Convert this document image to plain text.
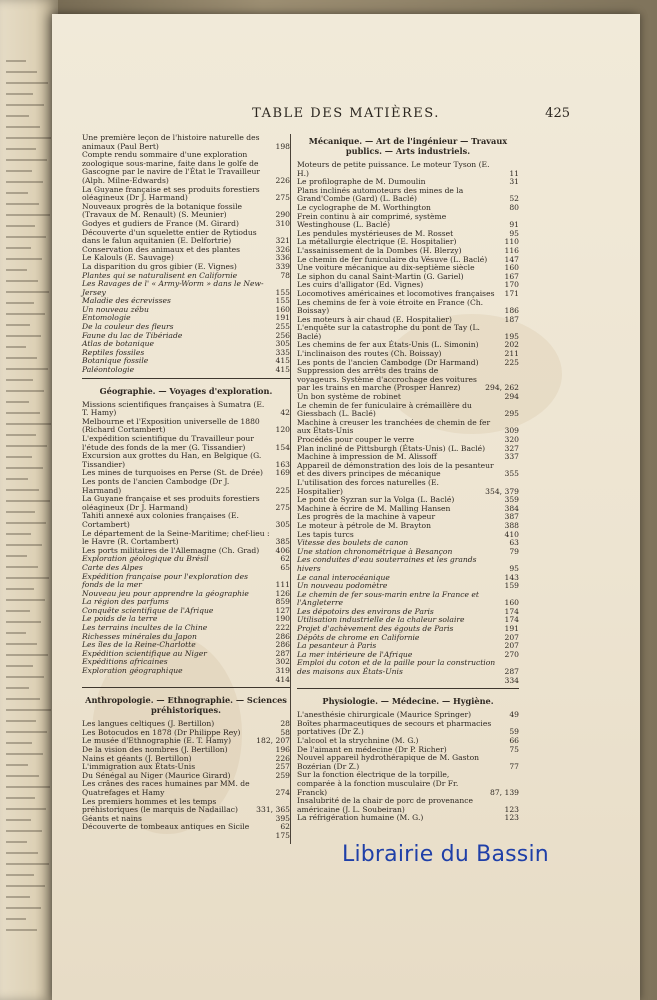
TABLE DES MATIÈRES.	425
Une première leçon de l'histoire naturelle des animaux (Paul Bert)	198
Compte rendu sommaire d'une exploration zoologique sous-marine, faite dans le golfe de Gascogne par le navire de l'État le Travailleur (Alph. Milne-Edwards)	226
La Guyane française et ses produits forestiers oléagineux (Dr J. Harmand)	275
Nouveaux progrès de la botanique fossile (Travaux de M. Renault) (S. Meunier)	290
Godyes et gudiers de France (M. Girard)	310
Découverte d'un squelette entier de Rytiodus dans le falun aquitanien (E. Delfortrie)	321
Conservation des animaux et des plantes	326
Le Kalouls (E. Sauvage)	336
La disparition du gros gibier (E. Vignes)	339
Plantes qui se naturalisent en Californie	78
Les Ravages de l' « Army-Worm » dans le New-Jersey	155
Maladie des écrevisses	155
Un nouveau zébu	160
Entomologie	191
De la couleur des fleurs	255
Faune du lac de Tibériade	256
Atlas de botanique	305
Reptiles fossiles	335
Botanique fossile	415
Paléontologie	415
Géographie. — Voyages d'exploration.
Missions scientifiques françaises à Sumatra (E. T. Hamy)	42
Melbourne et l'Exposition universelle de 1880 (Richard Cortambert)	120
L'expédition scientifique du Travailleur pour l'étude des fonds de la mer (G. Tissandier)	154
Excursion aux grottes du Han, en Belgique (G. Tissandier)	163
Les mines de turquoises en Perse (St. de Drée)	169
Les ponts de l'ancien Cambodge (Dr J. Harmand)	225
La Guyane française et ses produits forestiers oléagineux (Dr J. Harmand)	275
Tahiti annexé aux colonies françaises (E. Cortambert)	305
Le département de la Seine-Maritime; chef-lieu : le Havre (R. Cortambert)	385
Les ports militaires de l'Allemagne (Ch. Grad)	406
Exploration géologique du Brésil	62
Carte des Alpes	65
Expédition française pour l'exploration des fonds de la mer	111
Nouveau jeu pour apprendre la géographie	126
La région des parfums	859
Conquête scientifique de l'Afrique	127
Le poids de la terre	190
Les terrains incultes de la Chine	222
Richesses minérales du Japon	286
Les îles de la Reine-Charlotte	286
Expédition scientifique au Niger	287
Expéditions africaines	302
Exploration géographique	319
414
Anthropologie. — Ethnographie. — Sciences préhistoriques.
Les langues celtiques (J. Bertillon)	28
Les Botocudos en 1878 (Dr Philippe Rey)	58
Le musée d'Ethnographie (E. T. Hamy)	182, 207
De la vision des nombres (J. Bertillon)	196
Nains et géants (J. Bertillon)	226
L'immigration aux États-Unis	257
Du Sénégal au Niger (Maurice Girard)	259
Les crânes des races humaines par MM. de Quatrefages et Hamy	274
Les premiers hommes et les temps préhistoriques (le marquis de Nadaillac)	331, 365
Géants et nains	395
Découverte de tombeaux antiques en Sicile	62
175
Mécanique. — Art de l'ingénieur — Travaux publics. — Arts industriels.
Moteurs de petite puissance. Le moteur Tyson (E. H.)	11
Le profilographe de M. Dumoulin	31
Plans inclinés automoteurs des mines de la Grand'Combe (Gard) (L. Baclé)	52
Le cyclographe de M. Worthington	80
Frein continu à air comprimé, système Westinghouse (L. Baclé)	91
Les pendules mystérieuses de M. Rosset	95
La métallurgie électrique (E. Hospitalier)	110
L'assainissement de la Dombes (H. Blerzy)	116
Le chemin de fer funiculaire du Vésuve (L. Baclé)	147
Une voiture mécanique au dix-septième siècle	160
Le siphon du canal Saint-Martin (G. Gariel)	167
Les cuirs d'alligator (Ed. Vignes)	170
Locomotives américaines et locomotives françaises	171
Les chemins de fer à voie étroite en France (Ch. Boissay)	186
Les moteurs à air chaud (E. Hospitalier)	187
L'enquête sur la catastrophe du pont de Tay (L. Baclé)	195
Les chemins de fer aux États-Unis (L. Simonin)	202
L'inclinaison des routes (Ch. Boissay)	211
Les ponts de l'ancien Cambodge (Dr Harmand)	225
Suppression des arrêts des trains de voyageurs. Système d'accrochage des voitures par les trains en marche (Prosper Hanrez)	294, 262
Un bon système de robinet	294
Le chemin de fer funiculaire à crémaillère du Giessbach (L. Baclé)	295
Machine à creuser les tranchées de chemin de fer aux États-Unis	309
Procédés pour couper le verre	320
Plan incliné de Pittsburgh (États-Unis) (L. Baclé)	327
Machine à impression de M. Alissoff	337
Appareil de démonstration des lois de la pesanteur et des divers principes de mécanique	355
L'utilisation des forces naturelles (E. Hospitalier)	354, 379
Le pont de Syzran sur la Volga (L. Baclé)	359
Machine à écrire de M. Malling Hansen	384
Les progrès de la machine à vapeur	387
Le moteur à pétrole de M. Brayton	388
Les tapis turcs	410
Vitesse des boulets de canon	63
Une station chronométrique à Besançon	79
Les conduites d'eau souterraines et les grands hivers	95
Le canal interocéanique	143
Un nouveau podomètre	159
Le chemin de fer sous-marin entre la France et l'Angleterre	160
Les dépotoirs des environs de Paris	174
Utilisation industrielle de la chaleur solaire	174
Projet d'achèvement des égouts de Paris	191
Dépôts de chrome en Californie	207
La pesanteur à Paris	207
La mer intérieure de l'Afrique	270
Emploi du coton et de la paille pour la construction des maisons aux États-Unis	287
334
Physiologie. — Médecine. — Hygiène.
L'anesthésie chirurgicale (Maurice Springer)	49
Boîtes pharmaceutiques de secours et pharmacies portatives (Dr Z.)	59
L'alcool et la strychnine (M. G.)	66
De l'aimant en médecine (Dr P. Richer)	75
Nouvel appareil hydrothérapique de M. Gaston Bozérian (Dr Z.)	77
Sur la fonction électrique de la torpille, comparée à la fonction musculaire (Dr Fr. Franck)	87, 139
Insalubrité de la chair de porc de provenance américaine (J. L. Soubeiran)	123
La réfrigération humaine (M. G.)	123
Librairie du Bassin
